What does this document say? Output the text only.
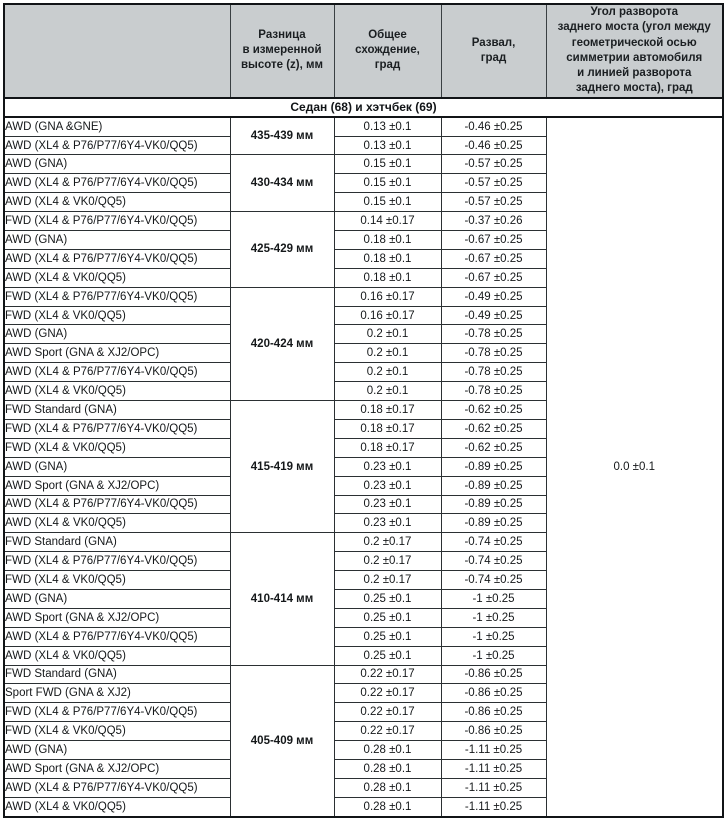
	Разница
в измеренной
высоте (z), мм	Общее
схождение,
град	Развал,
град	Угол разворота
заднего моста (угол между
геометрической осью
симметрии автомобиля
и линией разворота
заднего моста), град
Седан (68) и хэтчбек (69)				
AWD (GNA &GNE)	435-439 мм	0.13 ±0.1	-0.46 ±0.25	0.0 ±0.1
AWD (XL4 & P76/P77/6Y4-VK0/QQ5)		0.13 ±0.1	-0.46 ±0.25	
AWD (GNA)	430-434 мм	0.15 ±0.1	-0.57 ±0.25	
AWD (XL4 & P76/P77/6Y4-VK0/QQ5)		0.15 ±0.1	-0.57 ±0.25	
AWD (XL4 & VK0/QQ5)		0.15 ±0.1	-0.57 ±0.25	
FWD (XL4 & P76/P77/6Y4-VK0/QQ5)	425-429 мм	0.14 ±0.17	-0.37 ±0.26	
AWD (GNA)		0.18 ±0.1	-0.67 ±0.25	
AWD (XL4 & P76/P77/6Y4-VK0/QQ5)		0.18 ±0.1	-0.67 ±0.25	
AWD (XL4 & VK0/QQ5)		0.18 ±0.1	-0.67 ±0.25	
FWD (XL4 & P76/P77/6Y4-VK0/QQ5)	420-424 мм	0.16 ±0.17	-0.49 ±0.25	
FWD (XL4 & VK0/QQ5)		0.16 ±0.17	-0.49 ±0.25	
AWD (GNA)		0.2 ±0.1	-0.78 ±0.25	
AWD Sport (GNA & XJ2/OPC)		0.2 ±0.1	-0.78 ±0.25	
AWD (XL4 & P76/P77/6Y4-VK0/QQ5)		0.2 ±0.1	-0.78 ±0.25	
AWD (XL4 & VK0/QQ5)		0.2 ±0.1	-0.78 ±0.25	
FWD Standard (GNA)	415-419 мм	0.18 ±0.17	-0.62 ±0.25	
FWD (XL4 & P76/P77/6Y4-VK0/QQ5)		0.18 ±0.17	-0.62 ±0.25	
FWD (XL4 & VK0/QQ5)		0.18 ±0.17	-0.62 ±0.25	
AWD (GNA)		0.23 ±0.1	-0.89 ±0.25	
AWD Sport (GNA & XJ2/OPC)		0.23 ±0.1	-0.89 ±0.25	
AWD (XL4 & P76/P77/6Y4-VK0/QQ5)		0.23 ±0.1	-0.89 ±0.25	
AWD (XL4 & VK0/QQ5)		0.23 ±0.1	-0.89 ±0.25	
FWD Standard (GNA)	410-414 мм	0.2 ±0.17	-0.74 ±0.25	
FWD (XL4 & P76/P77/6Y4-VK0/QQ5)		0.2 ±0.17	-0.74 ±0.25	
FWD (XL4 & VK0/QQ5)		0.2 ±0.17	-0.74 ±0.25	
AWD (GNA)		0.25 ±0.1	-1 ±0.25	
AWD Sport (GNA & XJ2/OPC)		0.25 ±0.1	-1 ±0.25	
AWD (XL4 & P76/P77/6Y4-VK0/QQ5)		0.25 ±0.1	-1 ±0.25	
AWD (XL4 & VK0/QQ5)		0.25 ±0.1	-1 ±0.25	
FWD Standard (GNA)	405-409 мм	0.22 ±0.17	-0.86 ±0.25	
Sport FWD (GNA & XJ2)		0.22 ±0.17	-0.86 ±0.25	
FWD (XL4 & P76/P77/6Y4-VK0/QQ5)		0.22 ±0.17	-0.86 ±0.25	
FWD (XL4 & VK0/QQ5)		0.22 ±0.17	-0.86 ±0.25	
AWD (GNA)		0.28 ±0.1	-1.11 ±0.25	
AWD Sport (GNA & XJ2/OPC)		0.28 ±0.1	-1.11 ±0.25	
AWD (XL4 & P76/P77/6Y4-VK0/QQ5)		0.28 ±0.1	-1.11 ±0.25	
AWD (XL4 & VK0/QQ5)		0.28 ±0.1	-1.11 ±0.25	
